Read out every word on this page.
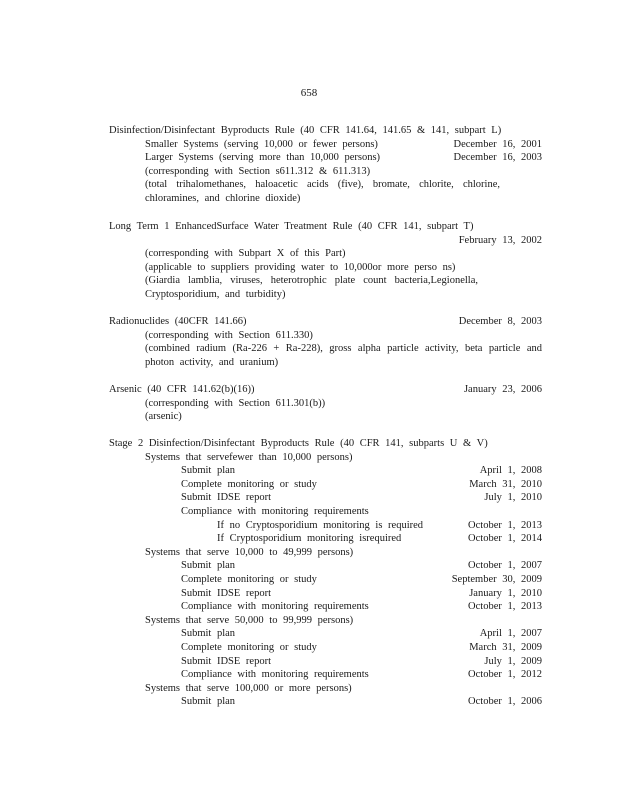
658
Disinfection/Disinfectant Byproducts Rule (40 CFR 141.64, 141.65 & 141, subpart L)
Smaller Systems (serving 10,000 or fewer persons)	December 16, 2001
Larger Systems (serving more than 10,000 persons)	December 16, 2003
(corresponding with Section s611.312 & 611.313)
(total trihalomethanes, haloacetic acids (five), bromate, chlorite, chlorine, chloramines, and chlorine dioxide)
Long Term 1 EnhancedSurface Water Treatment Rule (40 CFR 141, subpart T)
February 13, 2002
(corresponding with Subpart X of this Part)
(applicable to suppliers providing water to 10,000or more perso ns)
(Giardia lamblia, viruses, heterotrophic plate count bacteria,Legionella, Cryptosporidium, and turbidity)
Radionuclides (40CFR 141.66)	December 8, 2003
(corresponding with Section 611.330)
(combined radium (Ra-226 + Ra-228), gross alpha particle activity, beta particle and photon activity, and uranium)
Arsenic (40 CFR 141.62(b)(16))	January 23, 2006
(corresponding with Section 611.301(b))
(arsenic)
Stage 2 Disinfection/Disinfectant Byproducts Rule (40 CFR 141, subparts U & V)
Systems that servefewer than 10,000 persons)
Submit plan	April 1, 2008
Complete monitoring or study	March 31, 2010
Submit IDSE report	July 1, 2010
Compliance with monitoring requirements
If no Cryptosporidium monitoring is required	October 1, 2013
If Cryptosporidium monitoring isrequired	October 1, 2014
Systems that serve 10,000 to 49,999 persons)
Submit plan	October 1, 2007
Complete monitoring or study	September 30, 2009
Submit IDSE report	January 1, 2010
Compliance with monitoring requirements	October 1, 2013
Systems that serve 50,000 to 99,999 persons)
Submit plan	April 1, 2007
Complete monitoring or study	March 31, 2009
Submit IDSE report	July 1, 2009
Compliance with monitoring requirements	October 1, 2012
Systems that serve 100,000 or more persons)
Submit plan	October 1, 2006
